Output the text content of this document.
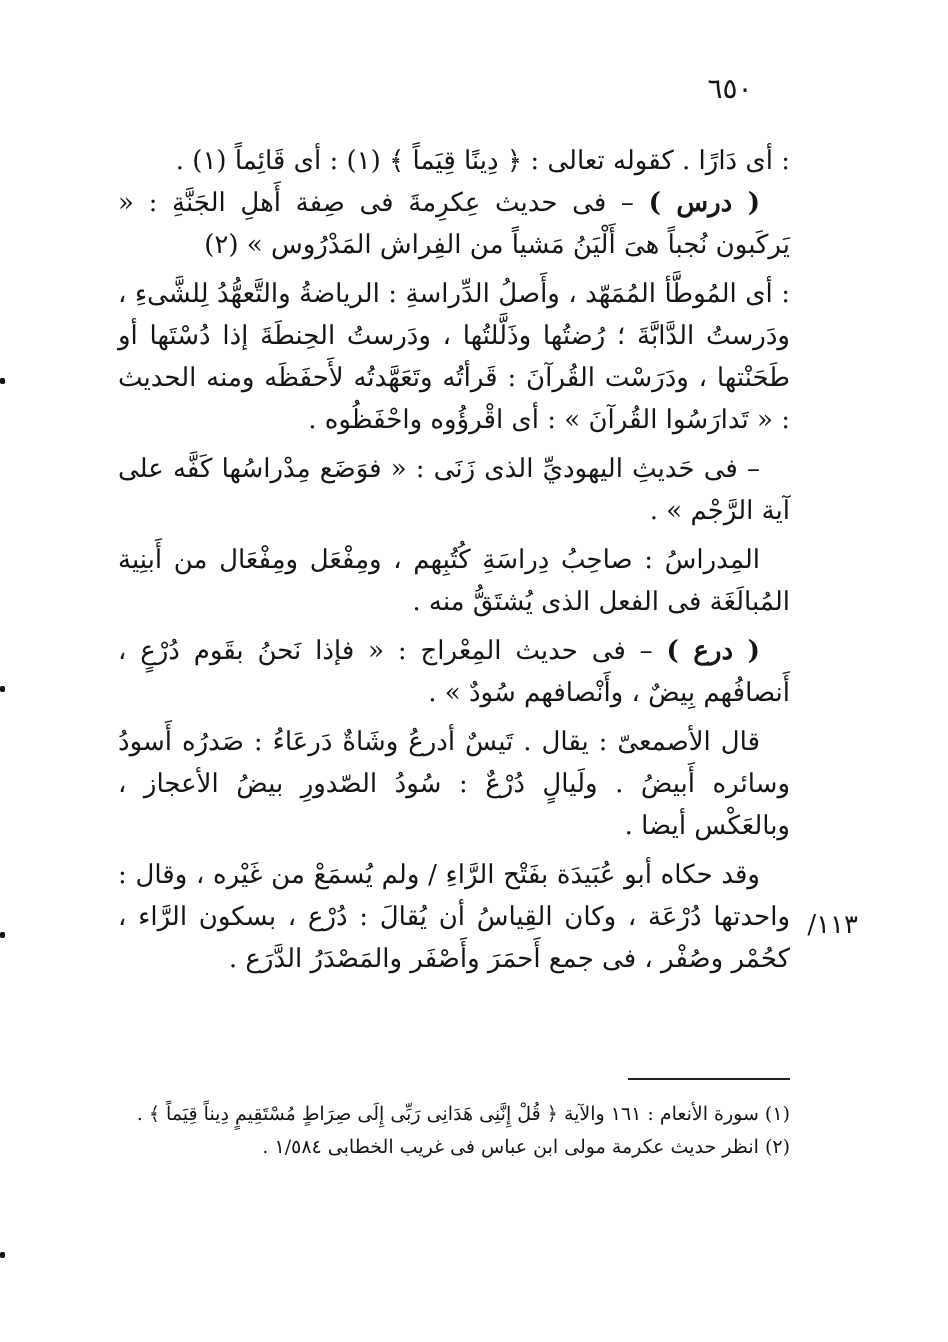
٦٥٠

: أى دَارًا . كقوله تعالى : ﴿ دِينًا قِيَماً ﴾ (١) : أى قَائِماً (١) .

( درس ) – فى حديث عِكرِمةَ فى صِفة أَهلِ الجَنَّةِ : « يَركَبون نُجباً هىَ أَلْيَنُ مَشياً من الفِراش المَدْرُوس » (٢)

: أى المُوطَّأ المُمَهّد ، وأَصلُ الدِّراسةِ : الرياضةُ والتَّعهُّدُ لِلشَّىءِ ، ودَرستُ الدَّابَّةَ ؛ رُضتُها وذَلَّلتُها ، ودَرستُ الحِنطَةَ إذا دُسْتَها أو طَحَنْتها ، ودَرَسْت القُرآنَ : قَرأتُه وتَعَهَّدتُه لأَحفَظَه ومنه الحديث : « تَدارَسُوا القُرآنَ » : أى اقْرؤُوه واحْفَظُوه .

– فى حَديثِ اليهوديِّ الذى زَنَى : « فوَضَع مِدْراسُها كَفَّه على آية الرَّجْم » .

المِدراسُ : صاحِبُ دِراسَةِ كُتُبِهم ، ومِفْعَل ومِفْعَال من أَبنِية المُبالَغَة فى الفعل الذى يُشتَقُّ منه .

( درع ) – فى حديث المِعْراج : « فإذا نَحنُ بقَوم دُرْعٍ ، أَنصافُهم بِيضٌ ، وأَنْصافهم سُودٌ » .

قال الأصمعىّ : يقال . تَيسٌ أدرعُ وشَاةٌ دَرعَاءُ : صَدرُه أَسودُ وسائره أَبيضُ . ولَيالٍ دُرْعٌ : سُودُ الصّدورِ بيضُ الأعجاز ، وبالعَكْس أيضا .

وقد حكاه أبو عُبَيدَة بفَتْح الرَّاءِ / ولم يُسمَعْ من غَيْره ، وقال : واحدتها دُرْعَة ، وكان القِياسُ أن يُقالَ : دُرْع ، بسكون الرَّاء ، كحُمْر وصُفْر ، فى جمع أَحمَرَ وأَصْفَر والمَصْدَرُ الدَّرَع .

١١٣/

(١) سورة الأنعام : ١٦١ والآية ﴿ قُلْ إِنَّنِى هَدَانِى رَبِّى إِلَى صِرَاطٍ مُسْتَقِيمٍ دِيناً قِيَماً ﴾ .

(٢) انظر حديث عكرمة مولى ابن عباس فى غريب الخطابى ١/٥٨٤ .
